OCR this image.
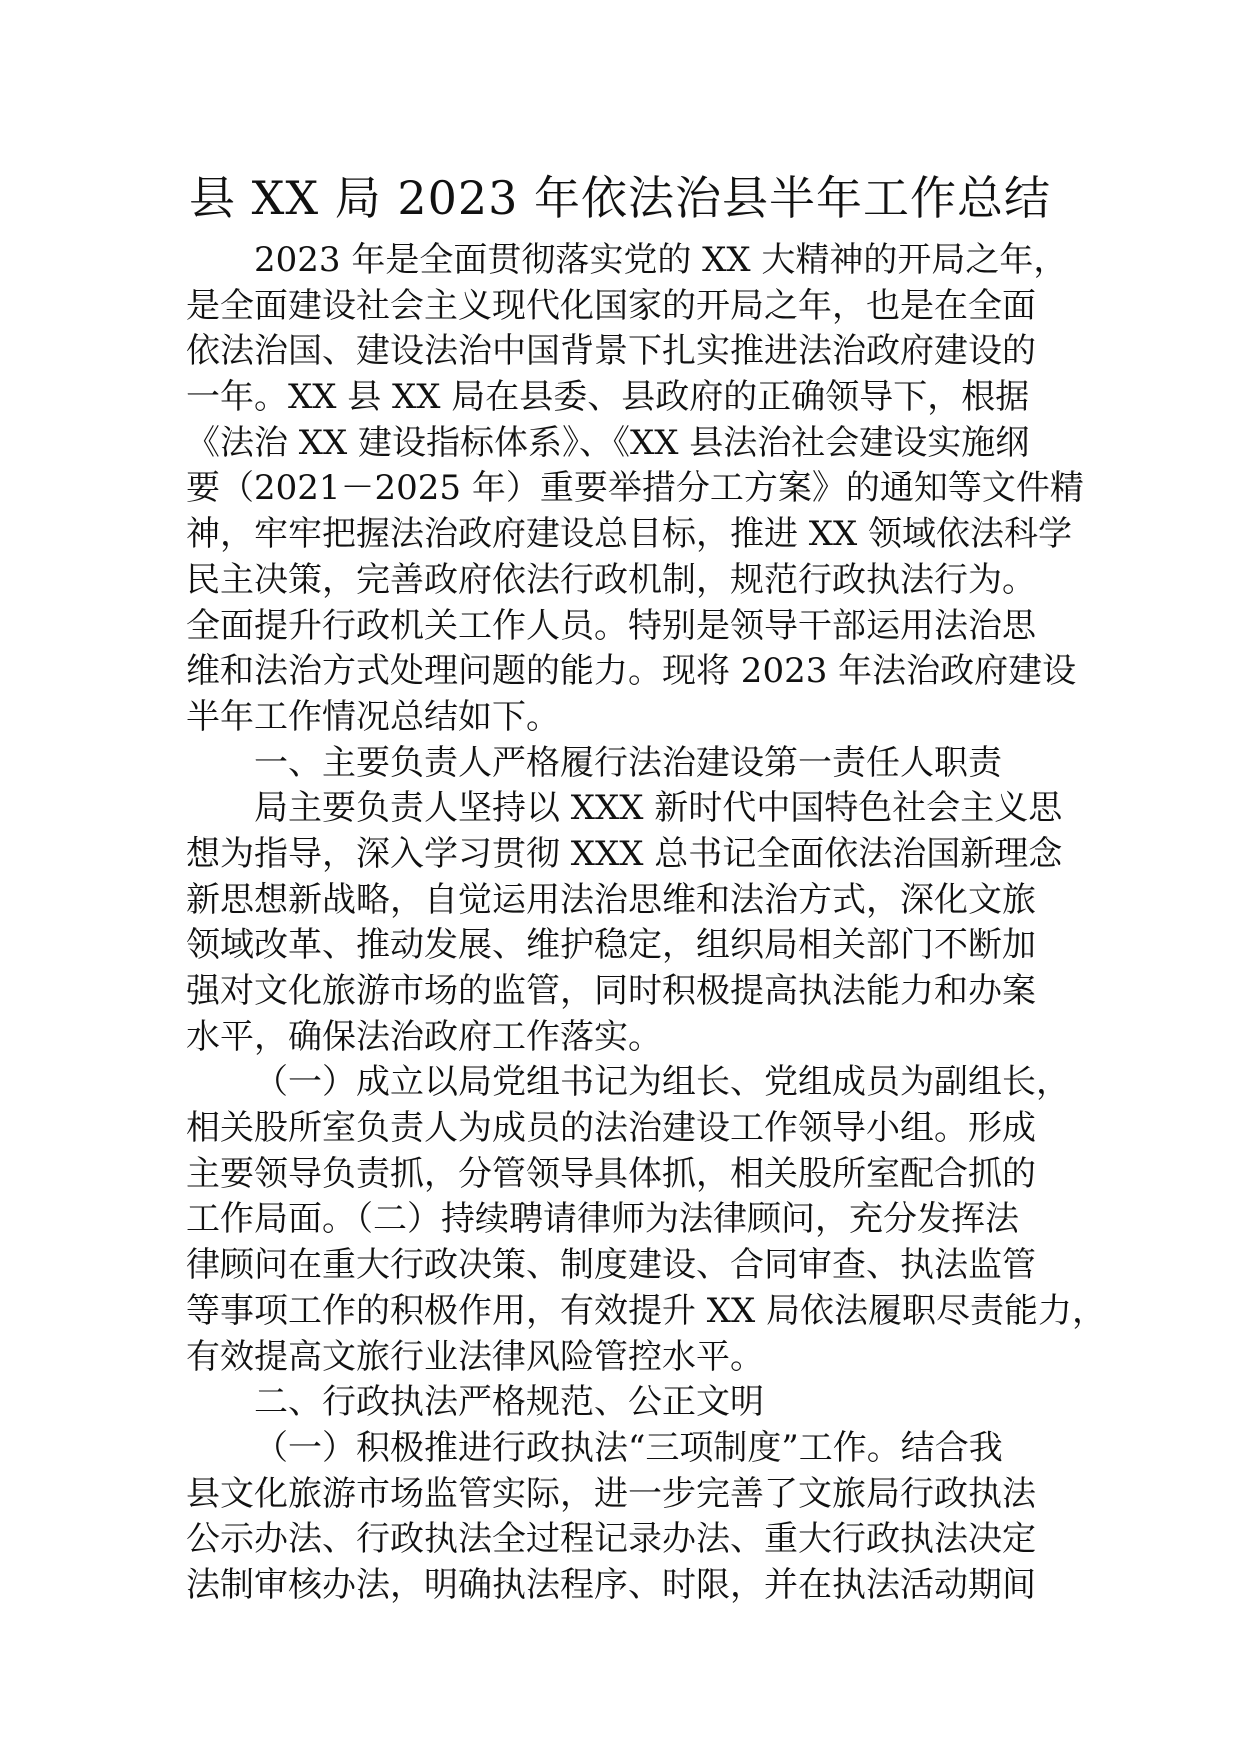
县 XX 局 2023 年依法治县半年工作总结
2023 年是全面贯彻落实党的 XX 大精神的开局之年，
是全面建设社会主义现代化国家的开局之年，也是在全面
依法治国、建设法治中国背景下扎实推进法治政府建设的
一年。XX 县 XX 局在县委、县政府的正确领导下，根据
《法治 XX 建设指标体系》、《XX 县法治社会建设实施纲
要（2021－2025 年）重要举措分工方案》的通知等文件精
神，牢牢把握法治政府建设总目标，推进 XX 领域依法科学
民主决策，完善政府依法行政机制，规范行政执法行为。
全面提升行政机关工作人员。特别是领导干部运用法治思
维和法治方式处理问题的能力。现将 2023 年法治政府建设
半年工作情况总结如下。
一、主要负责人严格履行法治建设第一责任人职责
局主要负责人坚持以 XXX 新时代中国特色社会主义思
想为指导，深入学习贯彻 XXX 总书记全面依法治国新理念
新思想新战略，自觉运用法治思维和法治方式，深化文旅
领域改革、推动发展、维护稳定，组织局相关部门不断加
强对文化旅游市场的监管，同时积极提高执法能力和办案
水平，确保法治政府工作落实。
（一）成立以局党组书记为组长、党组成员为副组长，
相关股所室负责人为成员的法治建设工作领导小组。形成
主要领导负责抓，分管领导具体抓，相关股所室配合抓的
工作局面。（二）持续聘请律师为法律顾问，充分发挥法
律顾问在重大行政决策、制度建设、合同审查、执法监管
等事项工作的积极作用，有效提升 XX 局依法履职尽责能力，
有效提高文旅行业法律风险管控水平。
二、行政执法严格规范、公正文明
（一）积极推进行政执法“三项制度”工作。结合我
县文化旅游市场监管实际，进一步完善了文旅局行政执法
公示办法、行政执法全过程记录办法、重大行政执法决定
法制审核办法，明确执法程序、时限，并在执法活动期间
